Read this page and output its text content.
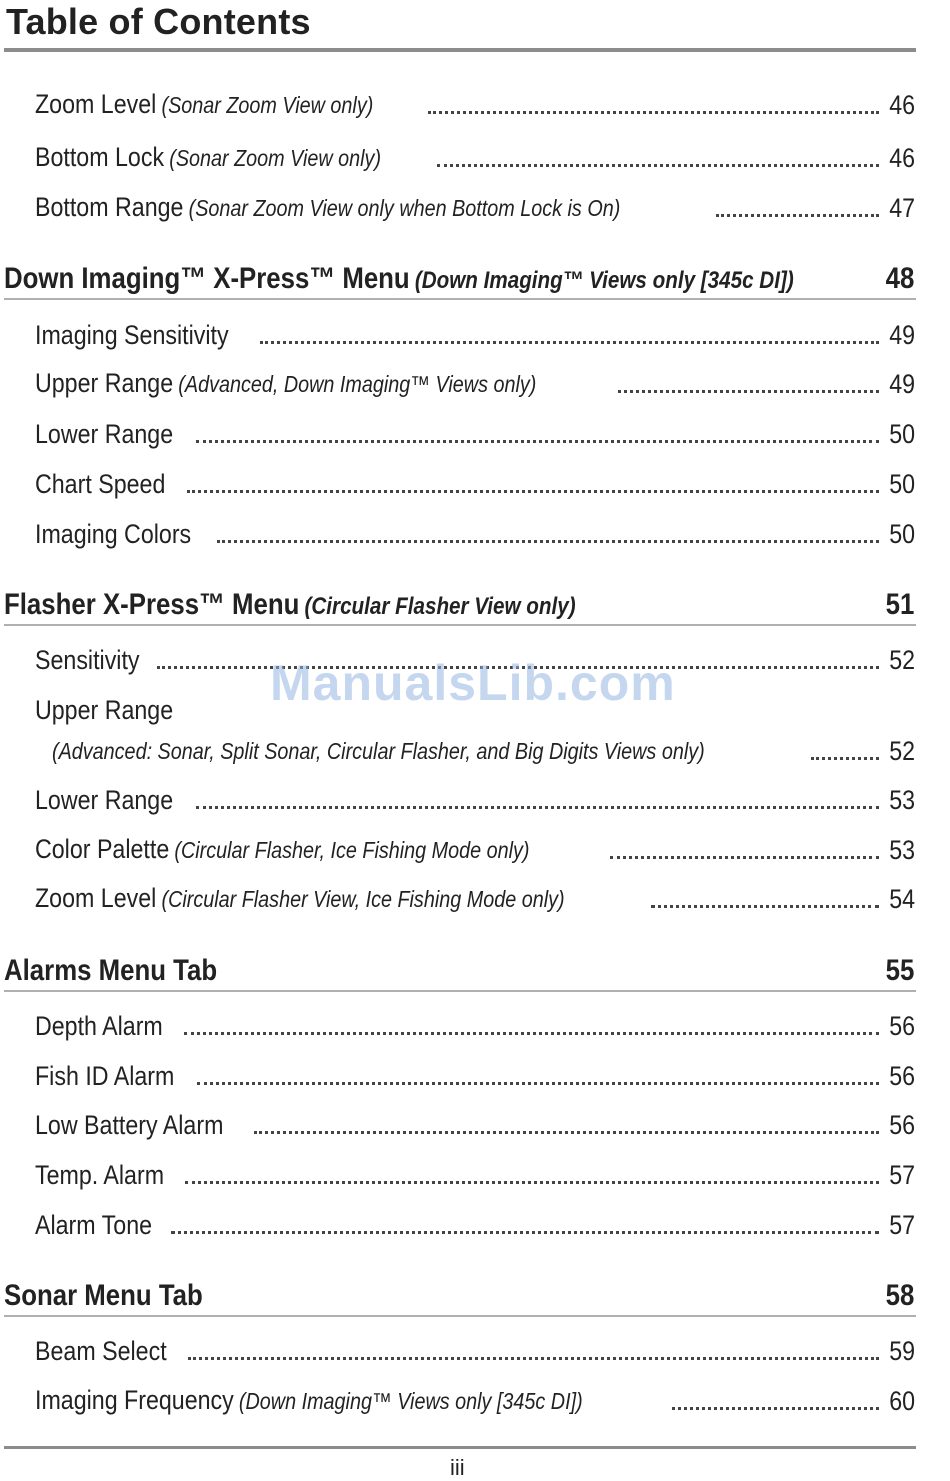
Table of Contents
Zoom Level (Sonar Zoom View only)	46
Bottom Lock (Sonar Zoom View only)	46
Bottom Range (Sonar Zoom View only when Bottom Lock is On)	47
Down Imaging™ X-Press™ Menu (Down Imaging™ Views only [345c DI])	48
Imaging Sensitivity	49
Upper Range (Advanced, Down Imaging™ Views only)	49
Lower Range	50
Chart Speed	50
Imaging Colors	50
Flasher X-Press™ Menu (Circular Flasher View only)	51
Sensitivity	52
Upper Range
(Advanced: Sonar, Split Sonar, Circular Flasher, and Big Digits Views only)	52
Lower Range	53
Color Palette (Circular Flasher, Ice Fishing Mode only)	53
Zoom Level (Circular Flasher View, Ice Fishing Mode only)	54
Alarms Menu Tab	55
Depth Alarm	56
Fish ID Alarm	56
Low Battery Alarm	56
Temp. Alarm	57
Alarm Tone	57
Sonar Menu Tab	58
Beam Select	59
Imaging Frequency (Down Imaging™ Views only [345c DI])	60
ManualsLib.com
iii
